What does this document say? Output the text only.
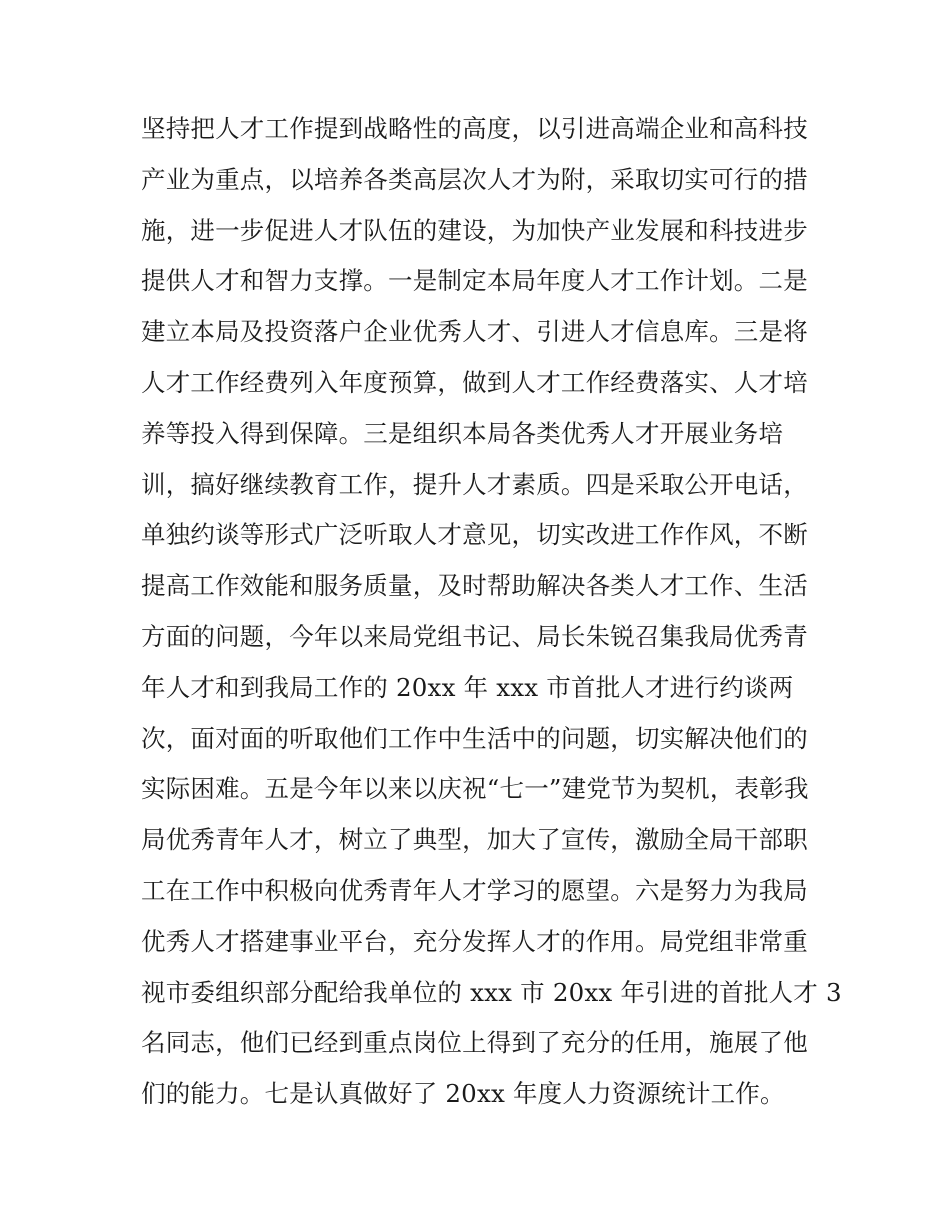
坚持把人才工作提到战略性的高度，以引进高端企业和高科技
产业为重点，以培养各类高层次人才为附，采取切实可行的措
施，进一步促进人才队伍的建设，为加快产业发展和科技进步
提供人才和智力支撑。一是制定本局年度人才工作计划。二是
建立本局及投资落户企业优秀人才、引进人才信息库。三是将
人才工作经费列入年度预算，做到人才工作经费落实、人才培
养等投入得到保障。三是组织本局各类优秀人才开展业务培
训，搞好继续教育工作，提升人才素质。四是采取公开电话，
单独约谈等形式广泛听取人才意见，切实改进工作作风，不断
提高工作效能和服务质量，及时帮助解决各类人才工作、生活
方面的问题，今年以来局党组书记、局长朱锐召集我局优秀青
年人才和到我局工作的 20xx 年 xxx 市首批人才进行约谈两
次，面对面的听取他们工作中生活中的问题，切实解决他们的
实际困难。五是今年以来以庆祝“七一”建党节为契机，表彰我
局优秀青年人才，树立了典型，加大了宣传，激励全局干部职
工在工作中积极向优秀青年人才学习的愿望。六是努力为我局
优秀人才搭建事业平台，充分发挥人才的作用。局党组非常重
视市委组织部分配给我单位的 xxx 市 20xx 年引进的首批人才 3
名同志，他们已经到重点岗位上得到了充分的任用，施展了他
们的能力。七是认真做好了 20xx 年度人力资源统计工作。
